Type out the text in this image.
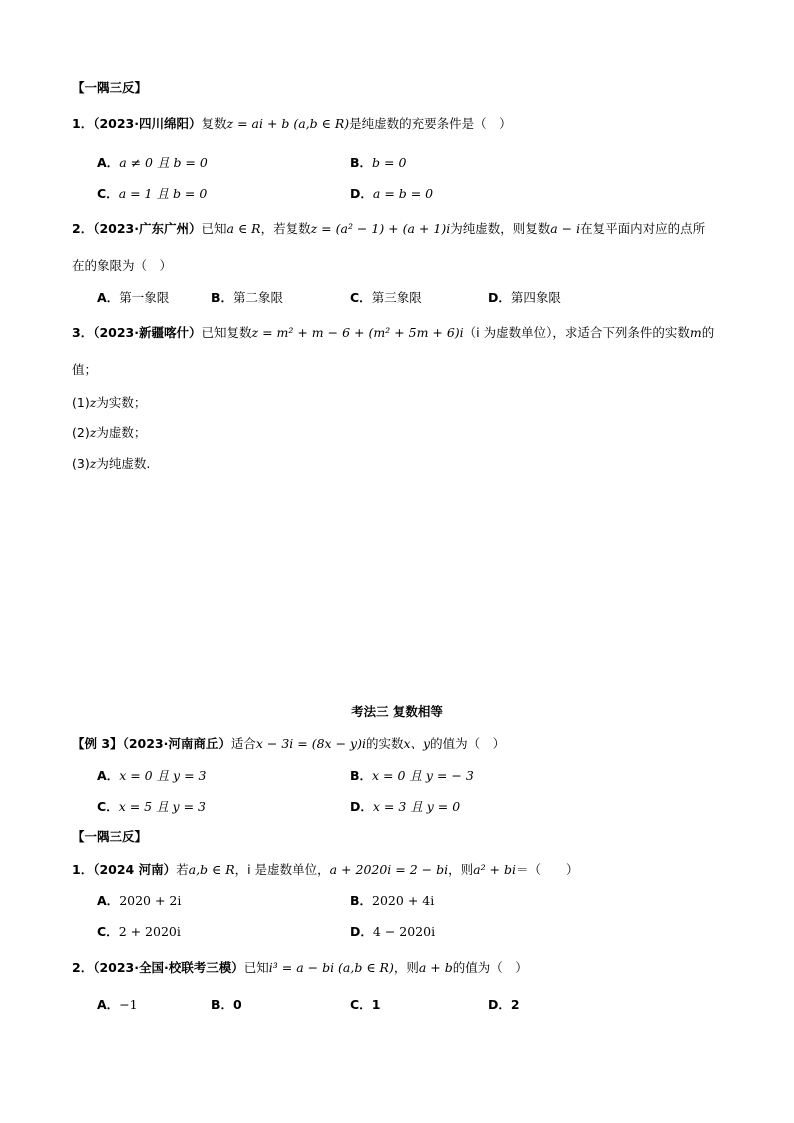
【一隅三反】
1．（2023·四川绵阳）复数z = ai + b (a,b ∈ R)是纯虚数的充要条件是（　）
A．a ≠ 0 且 b = 0	B．b = 0
C．a = 1 且 b = 0	D．a = b = 0
2．（2023·广东广州）已知a ∈ R，若复数z = (a² − 1) + (a + 1)i为纯虚数，则复数a − i在复平面内对应的点所
在的象限为（　）
A．第一象限	B．第二象限	C．第三象限	D．第四象限
3．（2023·新疆喀什）已知复数z = m² + m − 6 + (m² + 5m + 6)i（i 为虚数单位），求适合下列条件的实数m的
值；
(1)z为实数；
(2)z为虚数；
(3)z为纯虚数.
考法三 复数相等
【例 3】（2023·河南商丘）适合x − 3i = (8x − y)i的实数x、y的值为（　）
A．x = 0 且 y = 3	B．x = 0 且 y = − 3
C．x = 5 且 y = 3	D．x = 3 且 y = 0
【一隅三反】
1．（2024 河南）若a,b ∈ R，i 是虚数单位，a + 2020i = 2 − bi，则a² + bi＝（　　）
A．2020 + 2i	B．2020 + 4i
C．2 + 2020i	D．4 − 2020i
2．（2023·全国·校联考三模）已知i³ = a − bi (a,b ∈ R)，则a + b的值为（　）
A．−1	B．0	C．1	D．2
